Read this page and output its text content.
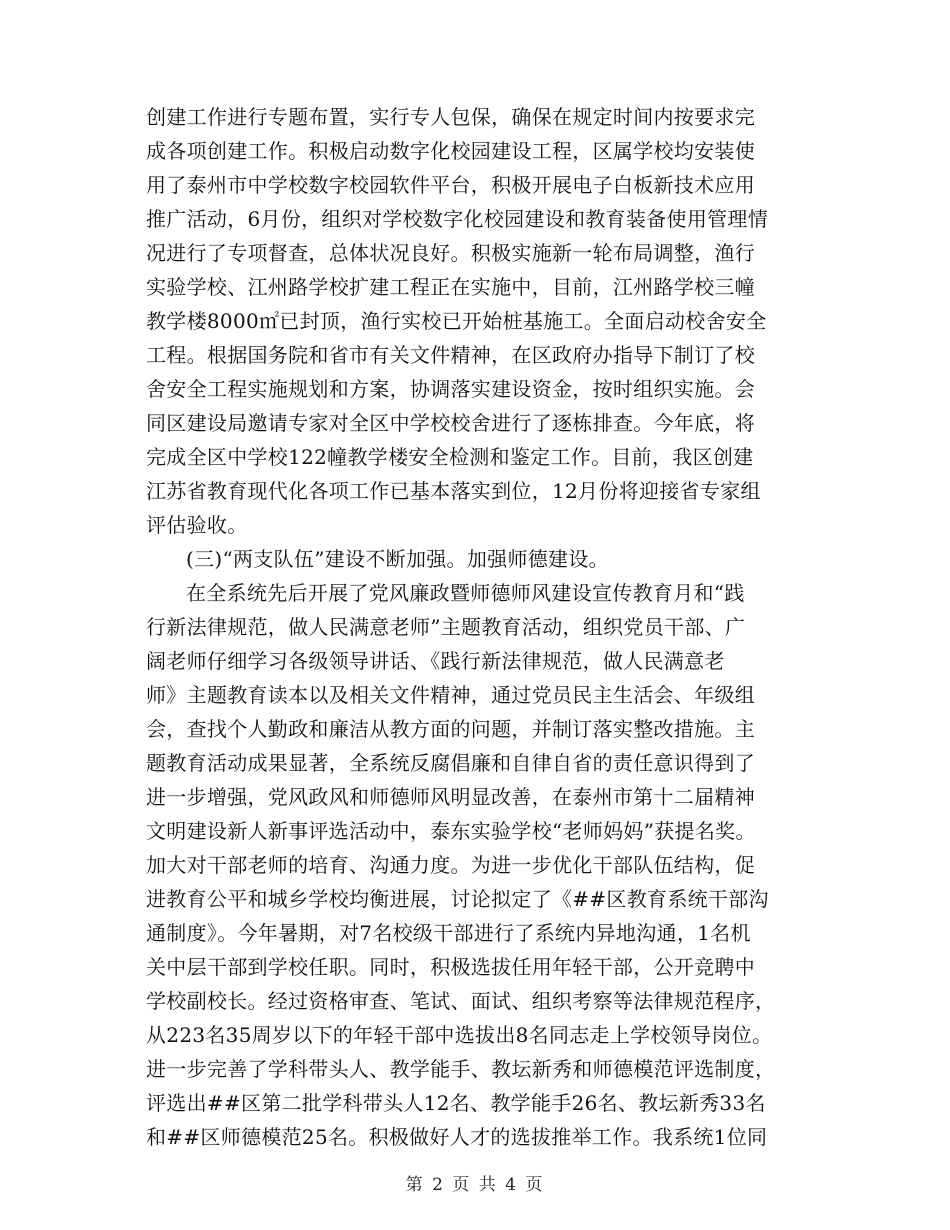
创建工作进行专题布置，实行专人包保，确保在规定时间内按要求完
成各项创建工作。积极启动数字化校园建设工程，区属学校均安装使
用了泰州市中学校数字校园软件平台，积极开展电子白板新技术应用
推广活动，6月份，组织对学校数字化校园建设和教育装备使用管理情
况进行了专项督查，总体状况良好。积极实施新一轮布局调整，渔行
实验学校、江州路学校扩建工程正在实施中，目前，江州路学校三幢
教学楼8000㎡已封顶，渔行实校已开始桩基施工。全面启动校舍安全
工程。根据国务院和省市有关文件精神，在区政府办指导下制订了校
舍安全工程实施规划和方案，协调落实建设资金，按时组织实施。会
同区建设局邀请专家对全区中学校校舍进行了逐栋排查。今年底，将
完成全区中学校122幢教学楼安全检测和鉴定工作。目前，我区创建
江苏省教育现代化各项工作已基本落实到位，12月份将迎接省专家组
评估验收。
(三)“两支队伍”建设不断加强。加强师德建设。
在全系统先后开展了党风廉政暨师德师风建设宣传教育月和“践
行新法律规范，做人民满意老师”主题教育活动，组织党员干部、广
阔老师仔细学习各级领导讲话、《践行新法律规范，做人民满意老
师》主题教育读本以及相关文件精神，通过党员民主生活会、年级组
会，查找个人勤政和廉洁从教方面的问题，并制订落实整改措施。主
题教育活动成果显著，全系统反腐倡廉和自律自省的责任意识得到了
进一步增强，党风政风和师德师风明显改善，在泰州市第十二届精神
文明建设新人新事评选活动中，泰东实验学校“老师妈妈”获提名奖。
加大对干部老师的培育、沟通力度。为进一步优化干部队伍结构，促
进教育公平和城乡学校均衡进展，讨论拟定了《##区教育系统干部沟
通制度》。今年暑期，对7名校级干部进行了系统内异地沟通，1名机
关中层干部到学校任职。同时，积极选拔任用年轻干部，公开竞聘中
学校副校长。经过资格审查、笔试、面试、组织考察等法律规范程序，
从223名35周岁以下的年轻干部中选拔出8名同志走上学校领导岗位。
进一步完善了学科带头人、教学能手、教坛新秀和师德模范评选制度，
评选出##区第二批学科带头人12名、教学能手26名、教坛新秀33名
和##区师德模范25名。积极做好人才的选拔推举工作。我系统1位同
第 2 页 共 4 页
